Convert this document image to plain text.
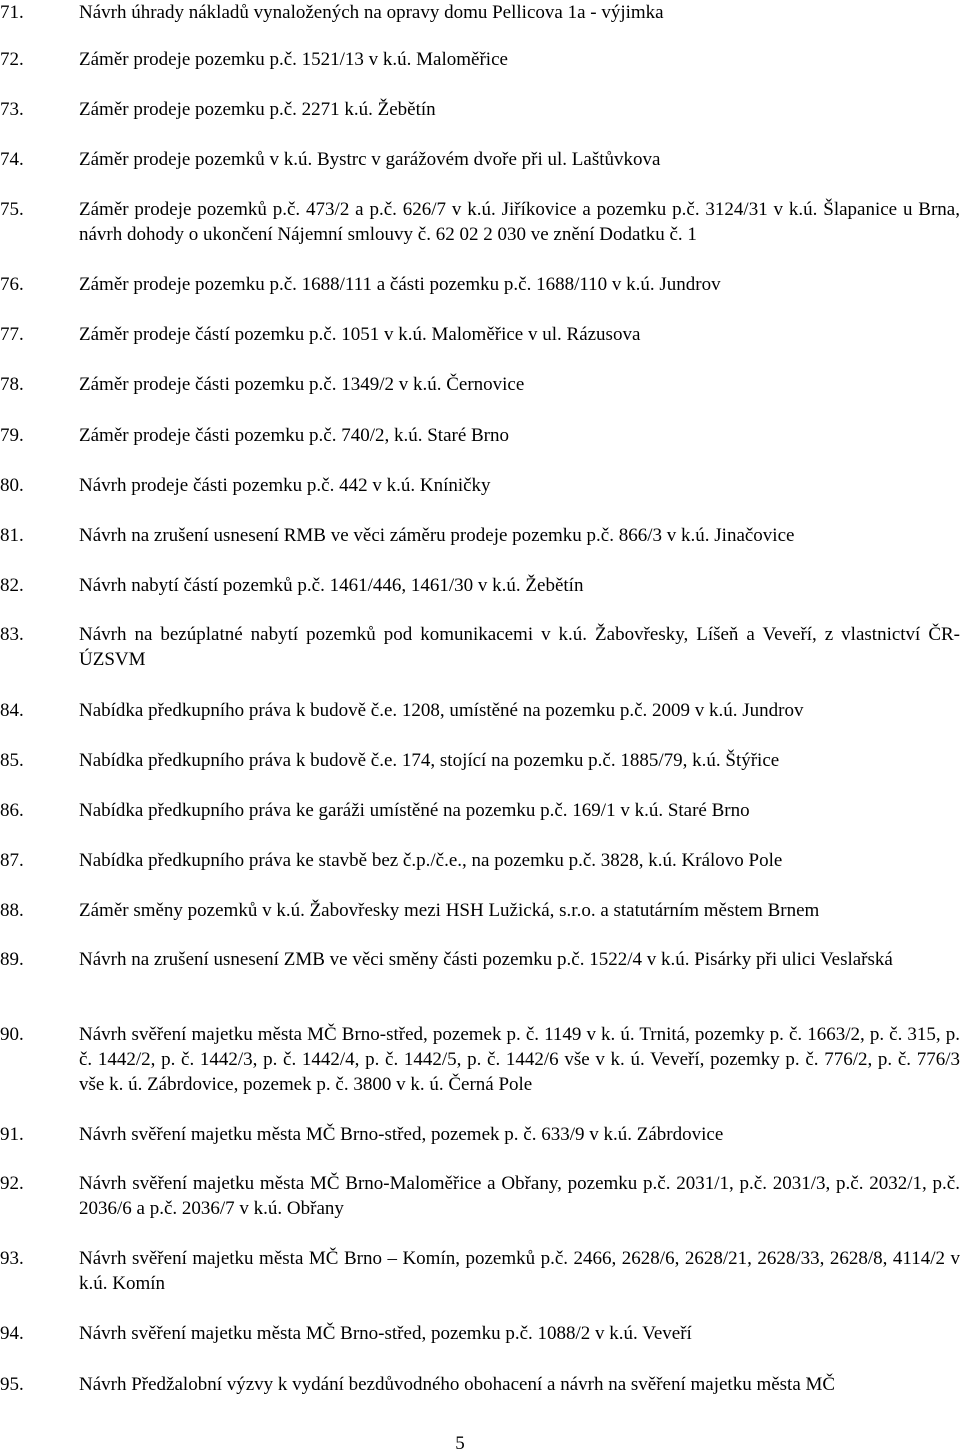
71.	Návrh úhrady nákladů vynaložených na opravy domu Pellicova 1a - výjimka
72.	Záměr prodeje pozemku p.č. 1521/13 v k.ú. Maloměřice
73.	Záměr prodeje pozemku p.č. 2271 k.ú. Žebětín
74.	Záměr prodeje pozemků v k.ú. Bystrc v garážovém dvoře při ul. Laštůvkova
75.	Záměr prodeje pozemků p.č. 473/2 a p.č. 626/7 v k.ú. Jiříkovice a pozemku p.č. 3124/31 v k.ú. Šlapanice u Brna, návrh dohody o ukončení Nájemní smlouvy č. 62 02 2 030 ve znění Dodatku č. 1
76.	Záměr prodeje pozemku p.č. 1688/111 a části pozemku p.č. 1688/110 v k.ú. Jundrov
77.	Záměr prodeje částí pozemku p.č. 1051 v k.ú. Maloměřice v ul. Rázusova
78.	Záměr prodeje části pozemku p.č. 1349/2 v k.ú. Černovice
79.	Záměr prodeje části pozemku p.č. 740/2, k.ú. Staré Brno
80.	Návrh prodeje části pozemku p.č. 442 v k.ú. Kníničky
81.	Návrh na zrušení usnesení RMB ve věci záměru prodeje pozemku p.č. 866/3 v k.ú. Jinačovice
82.	Návrh nabytí částí pozemků p.č. 1461/446, 1461/30 v k.ú. Žebětín
83.	Návrh na bezúplatné nabytí pozemků pod komunikacemi v k.ú. Žabovřesky, Líšeň a Veveří, z vlastnictví ČR-ÚZSVM
84.	Nabídka předkupního práva k budově č.e. 1208, umístěné na pozemku p.č. 2009 v k.ú. Jundrov
85.	Nabídka předkupního práva k budově č.e. 174, stojící na pozemku p.č. 1885/79, k.ú. Štýřice
86.	Nabídka předkupního práva ke garáži umístěné na pozemku p.č. 169/1 v k.ú. Staré Brno
87.	Nabídka předkupního práva ke stavbě bez č.p./č.e., na pozemku p.č. 3828, k.ú. Královo Pole
88.	Záměr směny pozemků v k.ú. Žabovřesky mezi HSH Lužická, s.r.o. a statutárním městem Brnem
89.	Návrh na zrušení usnesení ZMB ve věci směny části pozemku p.č. 1522/4 v k.ú. Pisárky při ulici Veslařská
90.	Návrh svěření majetku města MČ Brno-střed, pozemek p. č. 1149 v k. ú. Trnitá, pozemky p. č. 1663/2, p. č. 315, p. č. 1442/2, p. č. 1442/3, p. č. 1442/4, p. č. 1442/5, p. č. 1442/6 vše v k. ú. Veveří, pozemky p. č. 776/2, p. č. 776/3 vše k. ú. Zábrdovice, pozemek p. č. 3800 v k. ú. Černá Pole
91.	Návrh svěření majetku města MČ Brno-střed, pozemek p. č. 633/9 v k.ú. Zábrdovice
92.	Návrh svěření majetku města MČ Brno-Maloměřice a Obřany, pozemku p.č. 2031/1, p.č. 2031/3, p.č. 2032/1, p.č. 2036/6 a p.č. 2036/7 v k.ú. Obřany
93.	Návrh svěření majetku města MČ Brno – Komín, pozemků p.č. 2466, 2628/6, 2628/21, 2628/33, 2628/8, 4114/2 v k.ú. Komín
94.	Návrh svěření majetku města MČ Brno-střed, pozemku p.č. 1088/2 v k.ú. Veveří
95.	Návrh Předžalobní výzvy k vydání bezdůvodného obohacení a návrh na svěření majetku města MČ
5
